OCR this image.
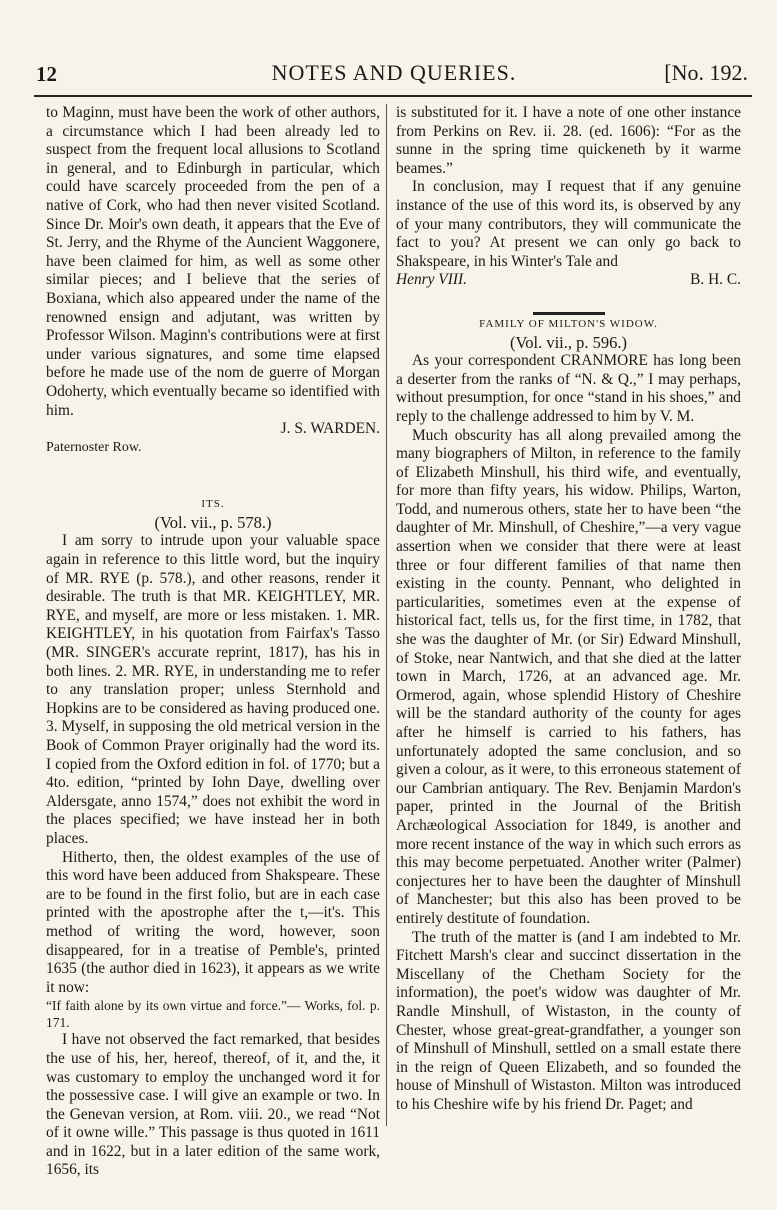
12	NOTES AND QUERIES.	[No. 192.

to Maginn, must have been the work of other authors, a circumstance which I had been already led to suspect from the frequent local allusions to Scotland in general, and to Edinburgh in particular, which could have scarcely proceeded from the pen of a native of Cork, who had then never visited Scotland. Since Dr. Moir's own death, it appears that the Eve of St. Jerry, and the Rhyme of the Auncient Waggonere, have been claimed for him, as well as some other similar pieces; and I believe that the series of Boxiana, which also appeared under the name of the renowned ensign and adjutant, was written by Professor Wilson. Maginn's contributions were at first under various signatures, and some time elapsed before he made use of the nom de guerre of Morgan Odoherty, which eventually became so identified with him.

J. S. WARDEN.

Paternoster Row.

ITS.

(Vol. vii., p. 578.)

I am sorry to intrude upon your valuable space again in reference to this little word, but the inquiry of MR. RYE (p. 578.), and other reasons, render it desirable. The truth is that MR. KEIGHTLEY, MR. RYE, and myself, are more or less mistaken. 1. MR. KEIGHTLEY, in his quotation from Fairfax's Tasso (MR. SINGER's accurate reprint, 1817), has his in both lines. 2. MR. RYE, in understanding me to refer to any translation proper; unless Sternhold and Hopkins are to be considered as having produced one. 3. Myself, in supposing the old metrical version in the Book of Common Prayer originally had the word its. I copied from the Oxford edition in fol. of 1770; but a 4to. edition, “printed by Iohn Daye, dwelling over Aldersgate, anno 1574,” does not exhibit the word in the places specified; we have instead her in both places.

Hitherto, then, the oldest examples of the use of this word have been adduced from Shakspeare. These are to be found in the first folio, but are in each case printed with the apostrophe after the t,—it's. This method of writing the word, however, soon disappeared, for in a treatise of Pemble's, printed 1635 (the author died in 1623), it appears as we write it now:

“If faith alone by its own virtue and force.”— Works, fol. p. 171.

I have not observed the fact remarked, that besides the use of his, her, hereof, thereof, of it, and the, it was customary to employ the unchanged word it for the possessive case. I will give an example or two. In the Genevan version, at Rom. viii. 20., we read “Not of it owne wille.” This passage is thus quoted in 1611 and in 1622, but in a later edition of the same work, 1656, its

is substituted for it. I have a note of one other instance from Perkins on Rev. ii. 28. (ed. 1606): “For as the sunne in the spring time quickeneth by it warme beames.”

In conclusion, may I request that if any genuine instance of the use of this word its, is observed by any of your many contributors, they will communicate the fact to you? At present we can only go back to Shakspeare, in his Winter's Tale and

Henry VIII.	B. H. C.

FAMILY OF MILTON'S WIDOW.

(Vol. vii., p. 596.)

As your correspondent CRANMORE has long been a deserter from the ranks of “N. & Q.,” I may perhaps, without presumption, for once “stand in his shoes,” and reply to the challenge addressed to him by V. M.

Much obscurity has all along prevailed among the many biographers of Milton, in reference to the family of Elizabeth Minshull, his third wife, and eventually, for more than fifty years, his widow. Philips, Warton, Todd, and numerous others, state her to have been “the daughter of Mr. Minshull, of Cheshire,”—a very vague assertion when we consider that there were at least three or four different families of that name then existing in the county. Pennant, who delighted in particularities, sometimes even at the expense of historical fact, tells us, for the first time, in 1782, that she was the daughter of Mr. (or Sir) Edward Minshull, of Stoke, near Nantwich, and that she died at the latter town in March, 1726, at an advanced age. Mr. Ormerod, again, whose splendid History of Cheshire will be the standard authority of the county for ages after he himself is carried to his fathers, has unfortunately adopted the same conclusion, and so given a colour, as it were, to this erroneous statement of our Cambrian antiquary. The Rev. Benjamin Mardon's paper, printed in the Journal of the British Archæological Association for 1849, is another and more recent instance of the way in which such errors as this may become perpetuated. Another writer (Palmer) conjectures her to have been the daughter of Minshull of Manchester; but this also has been proved to be entirely destitute of foundation.

The truth of the matter is (and I am indebted to Mr. Fitchett Marsh's clear and succinct dissertation in the Miscellany of the Chetham Society for the information), the poet's widow was daughter of Mr. Randle Minshull, of Wistaston, in the county of Chester, whose great-great-grandfather, a younger son of Minshull of Minshull, settled on a small estate there in the reign of Queen Elizabeth, and so founded the house of Minshull of Wistaston. Milton was introduced to his Cheshire wife by his friend Dr. Paget; and
